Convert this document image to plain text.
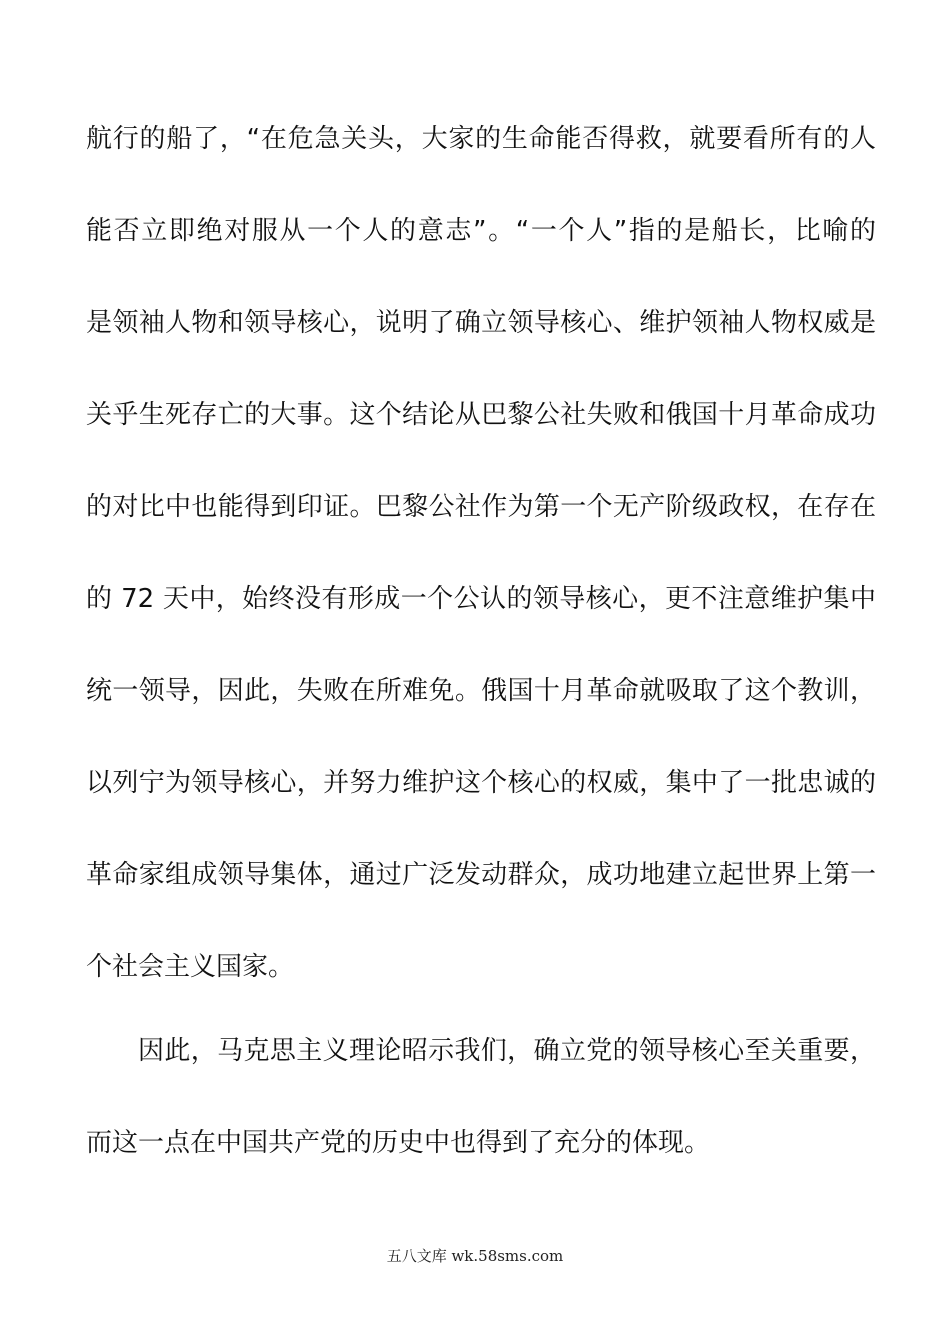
航行的船了，“在危急关头，大家的生命能否得救，就要看所有的人
能否立即绝对服从一个人的意志”。“一个人”指的是船长，比喻的
是领袖人物和领导核心，说明了确立领导核心、维护领袖人物权威是
关乎生死存亡的大事。这个结论从巴黎公社失败和俄国十月革命成功
的对比中也能得到印证。巴黎公社作为第一个无产阶级政权，在存在
的 72 天中，始终没有形成一个公认的领导核心，更不注意维护集中
统一领导，因此，失败在所难免。俄国十月革命就吸取了这个教训，
以列宁为领导核心，并努力维护这个核心的权威，集中了一批忠诚的
革命家组成领导集体，通过广泛发动群众，成功地建立起世界上第一
个社会主义国家。
因此，马克思主义理论昭示我们，确立党的领导核心至关重要，
而这一点在中国共产党的历史中也得到了充分的体现。
五八文库 wk.58sms.com
